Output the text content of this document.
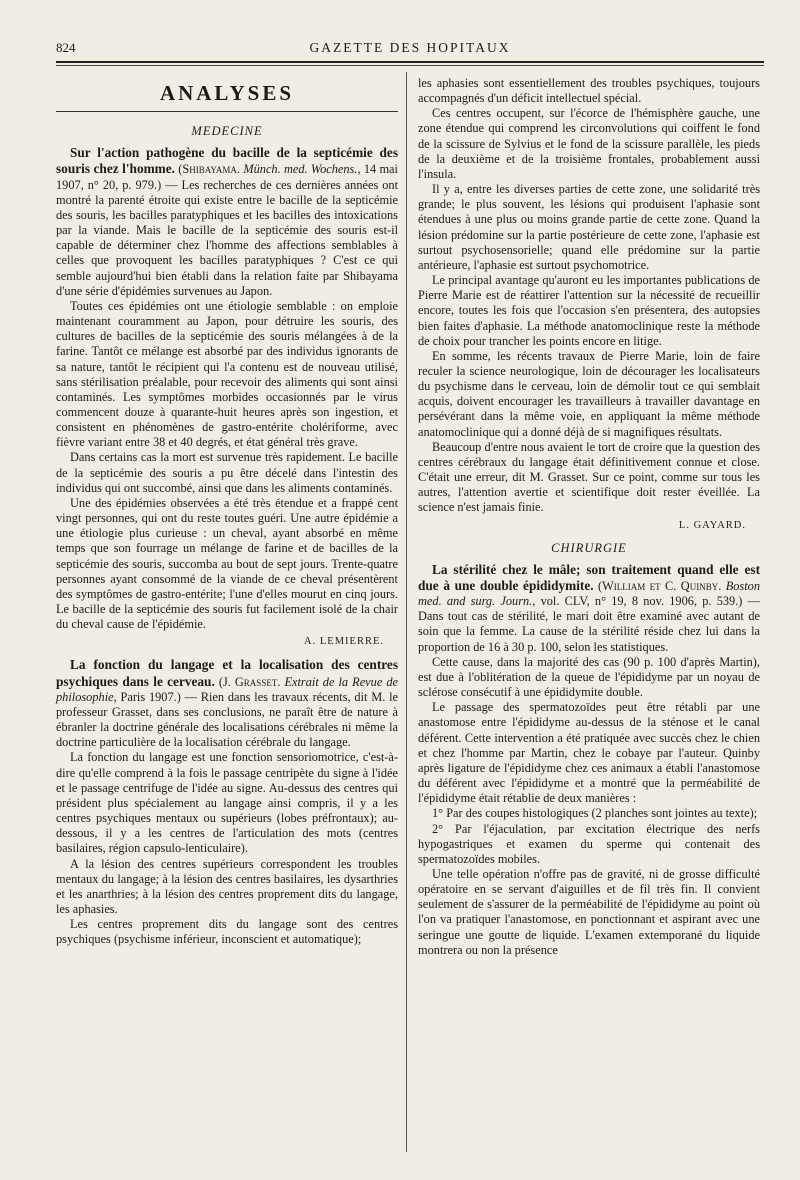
824	GAZETTE DES HOPITAUX
ANALYSES
MEDECINE

Sur l'action pathogène du bacille de la septicémie des souris chez l'homme. (Shibayama. Münch. med. Wochens., 14 mai 1907, n° 20, p. 979.) — Les recherches de ces dernières années ont montré la parenté étroite qui existe entre le bacille de la septicémie des souris, les bacilles paratyphiques et les bacilles des intoxications par la viande. Mais le bacille de la septicémie des souris est-il capable de déterminer chez l'homme des affections semblables à celles que provoquent les bacilles paratyphiques ? C'est ce qui semble aujourd'hui bien établi dans la relation faite par Shibayama d'une série d'épidémies survenues au Japon.

Toutes ces épidémies ont une étiologie semblable : on emploie maintenant couramment au Japon, pour détruire les souris, des cultures de bacilles de la septicémie des souris mélangées à de la farine. Tantôt ce mélange est absorbé par des individus ignorants de sa nature, tantôt le récipient qui l'a contenu est de nouveau utilisé, sans stérilisation préalable, pour recevoir des aliments qui sont ainsi contaminés. Les symptômes morbides occasionnés par le virus commencent douze à quarante-huit heures après son ingestion, et consistent en phénomènes de gastro-entérite cholériforme, avec fièvre variant entre 38 et 40 degrés, et état général très grave.

Dans certains cas la mort est survenue très rapidement. Le bacille de la septicémie des souris a pu être décelé dans l'intestin des individus qui ont succombé, ainsi que dans les aliments contaminés.

Une des épidémies observées a été très étendue et a frappé cent vingt personnes, qui ont du reste toutes guéri. Une autre épidémie a une étiologie plus curieuse : un cheval, ayant absorbé en même temps que son fourrage un mélange de farine et de bacilles de la septicémie des souris, succomba au bout de sept jours. Trente-quatre personnes ayant consommé de la viande de ce cheval présentèrent des symptômes de gastro-entérite; l'une d'elles mourut en cinq jours. Le bacille de la septicémie des souris fut facilement isolé de la chair du cheval cause de l'épidémie.

A. LEMIERRE.

La fonction du langage et la localisation des centres psychiques dans le cerveau. (J. Grasset. Extrait de la Revue de philosophie, Paris 1907.) — Rien dans les travaux récents, dit M. le professeur Grasset, dans ses conclusions, ne paraît être de nature à ébranler la doctrine générale des localisations cérébrales ni même la doctrine particulière de la localisation cérébrale du langage.

La fonction du langage est une fonction sensoriomotrice, c'est-à-dire qu'elle comprend à la fois le passage centripète du signe à l'idée et le passage centrifuge de l'idée au signe. Au-dessus des centres qui président plus spécialement au langage ainsi compris, il y a les centres psychiques mentaux ou supérieurs (lobes préfrontaux); au-dessous, il y a les centres de l'articulation des mots (centres basilaires, région capsulo-lenticulaire).

A la lésion des centres supérieurs correspondent les troubles mentaux du langage; à la lésion des centres basilaires, les dysarthries et les anarthries; à la lésion des centres proprement dits du langage, les aphasies.

Les centres proprement dits du langage sont des centres psychiques (psychisme inférieur, inconscient et automatique);

les aphasies sont essentiellement des troubles psychiques, toujours accompagnés d'un déficit intellectuel spécial.

Ces centres occupent, sur l'écorce de l'hémisphère gauche, une zone étendue qui comprend les circonvolutions qui coiffent le fond de la scissure de Sylvius et le fond de la scissure parallèle, les pieds de la deuxième et de la troisième frontales, probablement aussi l'insula.

Il y a, entre les diverses parties de cette zone, une solidarité très grande; le plus souvent, les lésions qui produisent l'aphasie sont étendues à une plus ou moins grande partie de cette zone. Quand la lésion prédomine sur la partie postérieure de cette zone, l'aphasie est surtout psychosensorielle; quand elle prédomine sur la partie antérieure, l'aphasie est surtout psychomotrice.

Le principal avantage qu'auront eu les importantes publications de Pierre Marie est de réattirer l'attention sur la nécessité de recueillir encore, toutes les fois que l'occasion s'en présentera, des autopsies bien faites d'aphasie. La méthode anatomoclinique reste la méthode de choix pour trancher les points encore en litige.

En somme, les récents travaux de Pierre Marie, loin de faire reculer la science neurologique, loin de décourager les localisateurs du psychisme dans le cerveau, loin de démolir tout ce qui semblait acquis, doivent encourager les travailleurs à travailler davantage en persévérant dans la même voie, en appliquant la même méthode anatomoclinique qui a donné déjà de si magnifiques résultats.

Beaucoup d'entre nous avaient le tort de croire que la question des centres cérébraux du langage était définitivement connue et close. C'était une erreur, dit M. Grasset. Sur ce point, comme sur tous les autres, l'attention avertie et scientifique doit rester éveillée. La science n'est jamais finie.

L. GAYARD.
CHIRURGIE

La stérilité chez le mâle; son traitement quand elle est due à une double épididymite. (William et C. Quinby. Boston med. and surg. Journ., vol. CLV, n° 19, 8 nov. 1906, p. 539.) — Dans tout cas de stérilité, le mari doit être examiné avec autant de soin que la femme. La cause de la stérilité réside chez lui dans la proportion de 16 à 30 p. 100, selon les statistiques.

Cette cause, dans la majorité des cas (90 p. 100 d'après Martin), est due à l'oblitération de la queue de l'épididyme par un noyau de sclérose consécutif à une épididymite double.

Le passage des spermatozoïdes peut être rétabli par une anastomose entre l'épididyme au-dessus de la sténose et le canal déférent. Cette intervention a été pratiquée avec succès chez le chien et chez l'homme par Martin, chez le cobaye par l'auteur. Quinby après ligature de l'épididyme chez ces animaux a établi l'anastomose du déférent avec l'épididyme et a montré que la perméabilité de l'épididyme était rétablie de deux manières :

1° Par des coupes histologiques (2 planches sont jointes au texte);

2° Par l'éjaculation, par excitation électrique des nerfs hypogastriques et examen du sperme qui contenait des spermatozoïdes mobiles.

Une telle opération n'offre pas de gravité, ni de grosse difficulté opératoire en se servant d'aiguilles et de fil très fin. Il convient seulement de s'assurer de la perméabilité de l'épididyme au point où l'on va pratiquer l'anastomose, en ponctionnant et aspirant avec une seringue une goutte de liquide. L'examen extemporané du liquide montrera ou non la présence
